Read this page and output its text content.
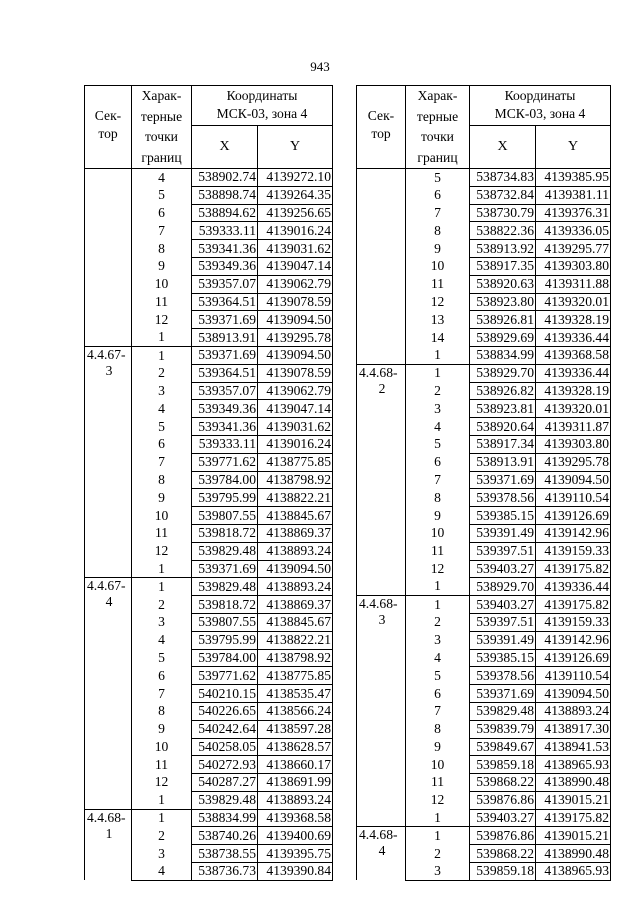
943
Сек-
тор	Харак-
терные
точки
границ	Координаты
МСК-03, зона 4	
		X	Y
	4	538902.74	4139272.10
	5	538898.74	4139264.35
	6	538894.62	4139256.65
	7	539333.11	4139016.24
	8	539341.36	4139031.62
	9	539349.36	4139047.14
	10	539357.07	4139062.79
	11	539364.51	4139078.59
	12	539371.69	4139094.50
	1	538913.91	4139295.78
4.4.67-

3	1	539371.69	4139094.50
	2	539364.51	4139078.59
	3	539357.07	4139062.79
	4	539349.36	4139047.14
	5	539341.36	4139031.62
	6	539333.11	4139016.24
	7	539771.62	4138775.85
	8	539784.00	4138798.92
	9	539795.99	4138822.21
	10	539807.55	4138845.67
	11	539818.72	4138869.37
	12	539829.48	4138893.24
	1	539371.69	4139094.50
4.4.67-

4	1	539829.48	4138893.24
	2	539818.72	4138869.37
	3	539807.55	4138845.67
	4	539795.99	4138822.21
	5	539784.00	4138798.92
	6	539771.62	4138775.85
	7	540210.15	4138535.47
	8	540226.65	4138566.24
	9	540242.64	4138597.28
	10	540258.05	4138628.57
	11	540272.93	4138660.17
	12	540287.27	4138691.99
	1	539829.48	4138893.24
4.4.68-

1	1	538834.99	4139368.58
	2	538740.26	4139400.69
	3	538738.55	4139395.75
	4	538736.73	4139390.84
Сек-
тор	Харак-
терные
точки
границ	Координаты
МСК-03, зона 4	
		X	Y
	5	538734.83	4139385.95
	6	538732.84	4139381.11
	7	538730.79	4139376.31
	8	538822.36	4139336.05
	9	538913.92	4139295.77
	10	538917.35	4139303.80
	11	538920.63	4139311.88
	12	538923.80	4139320.01
	13	538926.81	4139328.19
	14	538929.69	4139336.44
	1	538834.99	4139368.58
4.4.68-

2	1	538929.70	4139336.44
	2	538926.82	4139328.19
	3	538923.81	4139320.01
	4	538920.64	4139311.87
	5	538917.34	4139303.80
	6	538913.91	4139295.78
	7	539371.69	4139094.50
	8	539378.56	4139110.54
	9	539385.15	4139126.69
	10	539391.49	4139142.96
	11	539397.51	4139159.33
	12	539403.27	4139175.82
	1	538929.70	4139336.44
4.4.68-

3	1	539403.27	4139175.82
	2	539397.51	4139159.33
	3	539391.49	4139142.96
	4	539385.15	4139126.69
	5	539378.56	4139110.54
	6	539371.69	4139094.50
	7	539829.48	4138893.24
	8	539839.79	4138917.30
	9	539849.67	4138941.53
	10	539859.18	4138965.93
	11	539868.22	4138990.48
	12	539876.86	4139015.21
	1	539403.27	4139175.82
4.4.68-

4	1	539876.86	4139015.21
	2	539868.22	4138990.48
	3	539859.18	4138965.93
